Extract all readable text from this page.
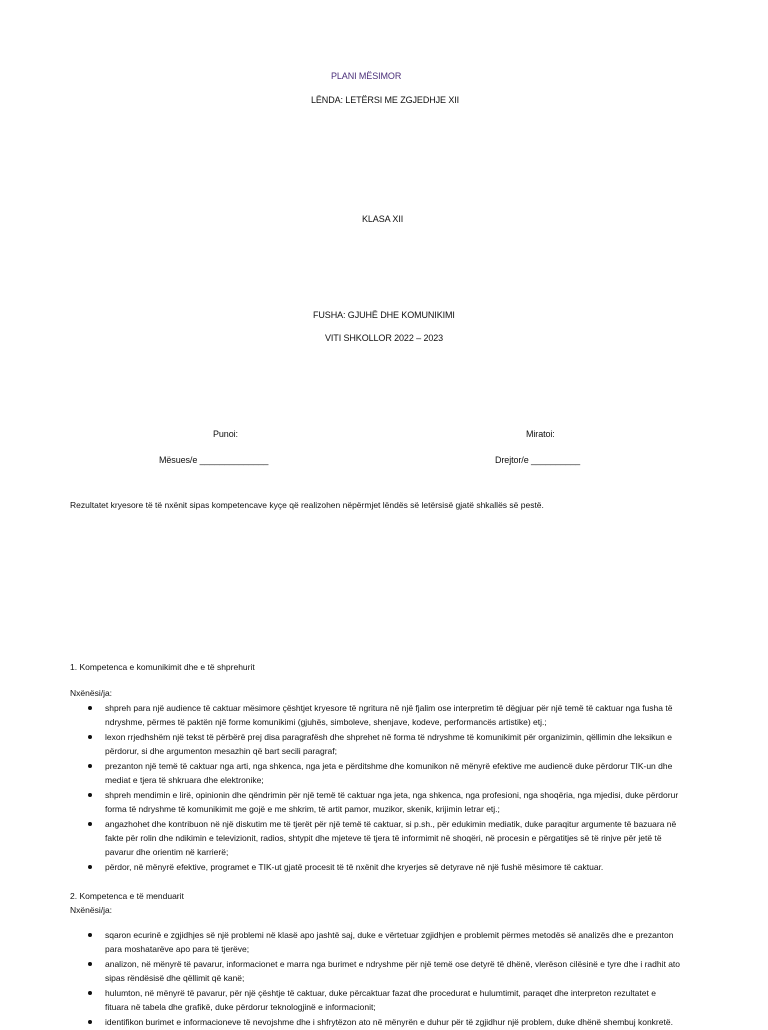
PLANI MËSIMOR
LËNDA: LETËRSI ME ZGJEDHJE XII
KLASA XII
FUSHA: GJUHË DHE KOMUNIKIMI
VITI SHKOLLOR 2022 – 2023
Punoi:
Mësues/e ______________
Miratoi:
Drejtor/e __________
Rezultatet kryesore të të nxënit sipas kompetencave kyçe që realizohen nëpërmjet lëndës së letërsisë gjatë shkallës së pestë.
1. Kompetenca e komunikimit dhe e të shprehurit
Nxënësi/ja:
shpreh para një audience të caktuar mësimore çështjet kryesore të ngritura në një fjalim ose interpretim të dëgjuar për një temë të caktuar nga fusha të
ndryshme, përmes të paktën një forme komunikimi (gjuhës, simboleve, shenjave, kodeve, performancës artistike) etj.;
lexon rrjedhshëm një tekst të përbërë prej disa paragrafësh dhe shprehet në forma të ndryshme të komunikimit për organizimin, qëllimin dhe leksikun e
përdorur, si dhe argumenton mesazhin që bart secili paragraf;
prezanton një temë të caktuar nga arti, nga shkenca, nga jeta e përditshme dhe komunikon në mënyrë efektive me audiencë duke përdorur TIK-un dhe
mediat e tjera të shkruara dhe elektronike;
shpreh mendimin e lirë, opinionin dhe qëndrimin për një temë të caktuar nga jeta, nga shkenca, nga profesioni, nga shoqëria, nga mjedisi, duke përdorur
forma të ndryshme të komunikimit me gojë e me shkrim, të artit pamor, muzikor, skenik, krijimin letrar etj.;
angazhohet dhe kontribuon në një diskutim me të tjerët për një temë të caktuar, si p.sh., për edukimin mediatik, duke paraqitur argumente të bazuara në
fakte për rolin dhe ndikimin e televizionit, radios, shtypit dhe mjeteve të tjera të informimit në shoqëri, në procesin e përgatitjes së të rinjve për jetë të
pavarur dhe orientim në karrierë;
përdor, në mënyrë efektive, programet e TIK-ut gjatë procesit të të nxënit dhe kryerjes së detyrave në një fushë mësimore të caktuar.
2. Kompetenca e të menduarit
Nxënësi/ja:
sqaron ecurinë e zgjidhjes së një problemi në klasë apo jashtë saj, duke e vërtetuar zgjidhjen e problemit përmes metodës së analizës dhe e prezanton
para moshatarëve apo para të tjerëve;
analizon, në mënyrë të pavarur, informacionet e marra nga burimet e ndryshme për një temë ose detyrë të dhënë, vlerëson cilësinë e tyre dhe i radhit ato
sipas rëndësisë dhe qëllimit që kanë;
hulumton, në mënyrë të pavarur, për një çështje të caktuar, duke përcaktuar fazat dhe procedurat e hulumtimit, paraqet dhe interpreton rezultatet e
fituara në tabela dhe grafikë, duke përdorur teknologjinë e informacionit;
identifikon burimet e informacioneve të nevojshme dhe i shfrytëzon ato në mënyrën e duhur për të zgjidhur një problem, duke dhënë shembuj konkretë.
